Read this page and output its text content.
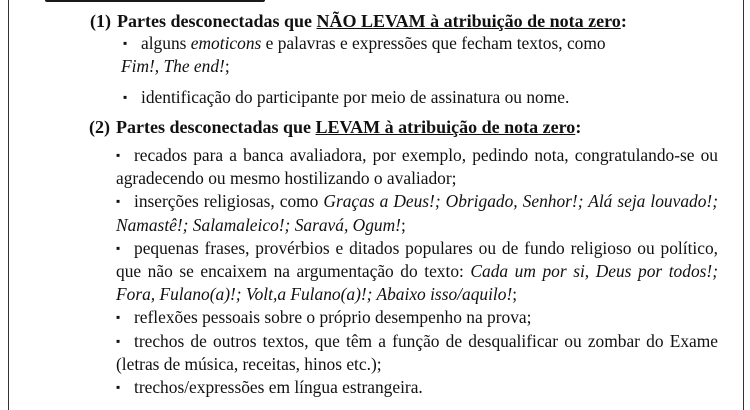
(1) Partes desconectadas que NÃO LEVAM à atribuição de nota zero:
▪ alguns emoticons e palavras e expressões que fecham textos, como
Fim!, The end!;
▪ identificação do participante por meio de assinatura ou nome.
(2) Partes desconectadas que LEVAM à atribuição de nota zero:
▪ recados para a banca avaliadora, por exemplo, pedindo nota, congratulando-se ou agradecendo ou mesmo hostilizando o avaliador;
▪ inserções religiosas, como Graças a Deus!; Obrigado, Senhor!; Alá seja louvado!; Namastê!; Salamaleico!; Saravá, Ogum!;
▪ pequenas frases, provérbios e ditados populares ou de fundo religioso ou político, que não se encaixem na argumentação do texto: Cada um por si, Deus por todos!; Fora, Fulano(a)!; Volt,a Fulano(a)!; Abaixo isso/aquilo!;
▪ reflexões pessoais sobre o próprio desempenho na prova;
▪ trechos de outros textos, que têm a função de desqualificar ou zombar do Exame (letras de música, receitas, hinos etc.);
▪ trechos/expressões em língua estrangeira.
